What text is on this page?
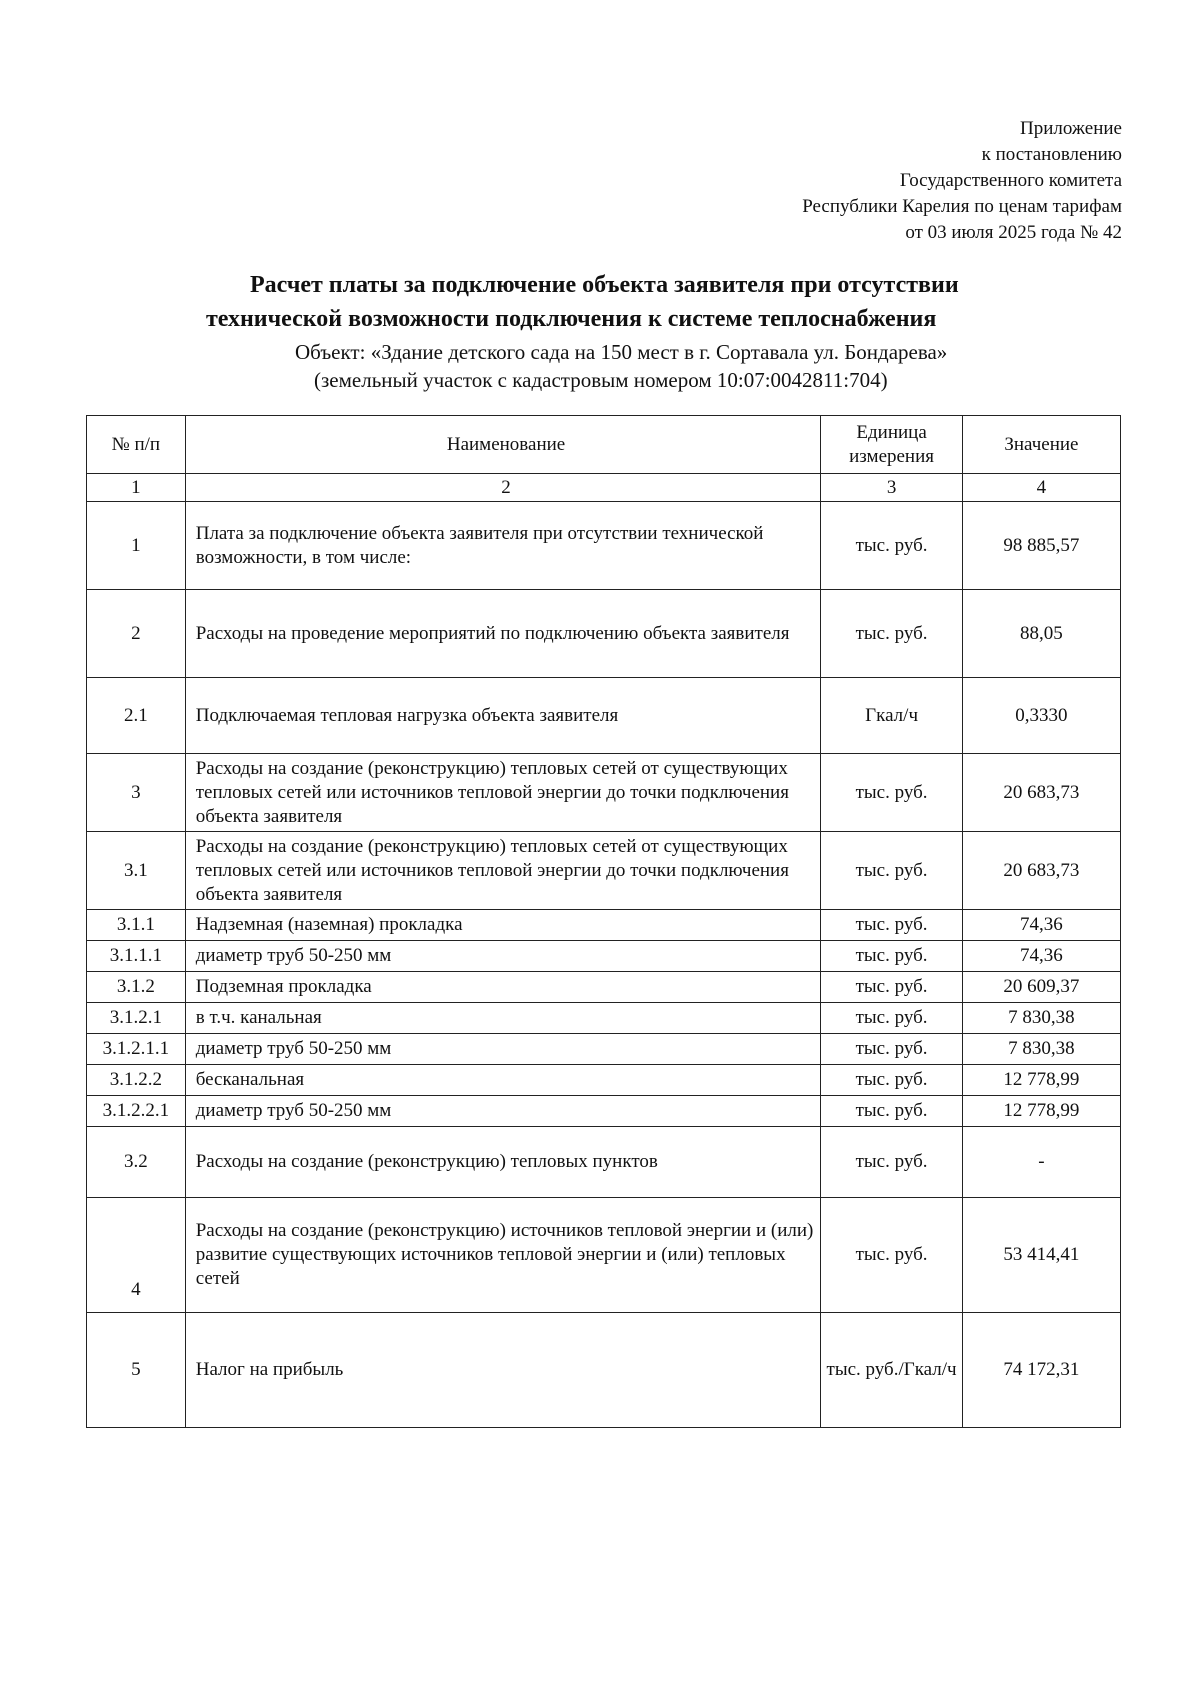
Приложение
к постановлению
Государственного комитета
Республики Карелия по ценам тарифам
от 03 июля 2025 года № 42
Расчет платы за подключение объекта заявителя при отсутствии
технической возможности подключения к системе теплоснабжения
Объект: «Здание детского сада на 150 мест в г. Сортавала ул. Бондарева»
(земельный участок с кадастровым номером 10:07:0042811:704)
№ п/п	Наименование	Единица измерения	Значение
1	2	3	4
1	Плата за подключение объекта заявителя при отсутствии технической возможности, в том числе:	тыс. руб.	98 885,57
2	Расходы на проведение мероприятий по подключению объекта заявителя	тыс. руб.	88,05
2.1	Подключаемая тепловая нагрузка объекта заявителя	Гкал/ч	0,3330
3	Расходы на создание (реконструкцию) тепловых сетей от существующих тепловых сетей или источников тепловой энергии до точки подключения объекта заявителя	тыс. руб.	20 683,73
3.1	Расходы на создание (реконструкцию) тепловых сетей от существующих тепловых сетей или источников тепловой энергии до точки подключения объекта заявителя	тыс. руб.	20 683,73
3.1.1	Надземная (наземная) прокладка	тыс. руб.	74,36
3.1.1.1	диаметр труб 50-250 мм	тыс. руб.	74,36
3.1.2	Подземная прокладка	тыс. руб.	20 609,37
3.1.2.1	в т.ч. канальная	тыс. руб.	7 830,38
3.1.2.1.1	диаметр труб 50-250 мм	тыс. руб.	7 830,38
3.1.2.2	бесканальная	тыс. руб.	12 778,99
3.1.2.2.1	диаметр труб 50-250 мм	тыс. руб.	12 778,99
3.2	Расходы на создание (реконструкцию) тепловых пунктов	тыс. руб.	-
4	Расходы на создание (реконструкцию) источников тепловой энергии и (или) развитие существующих источников тепловой энергии и (или) тепловых сетей	тыс. руб.	53 414,41
5	Налог на прибыль	тыс. руб./Гкал/ч	74 172,31
